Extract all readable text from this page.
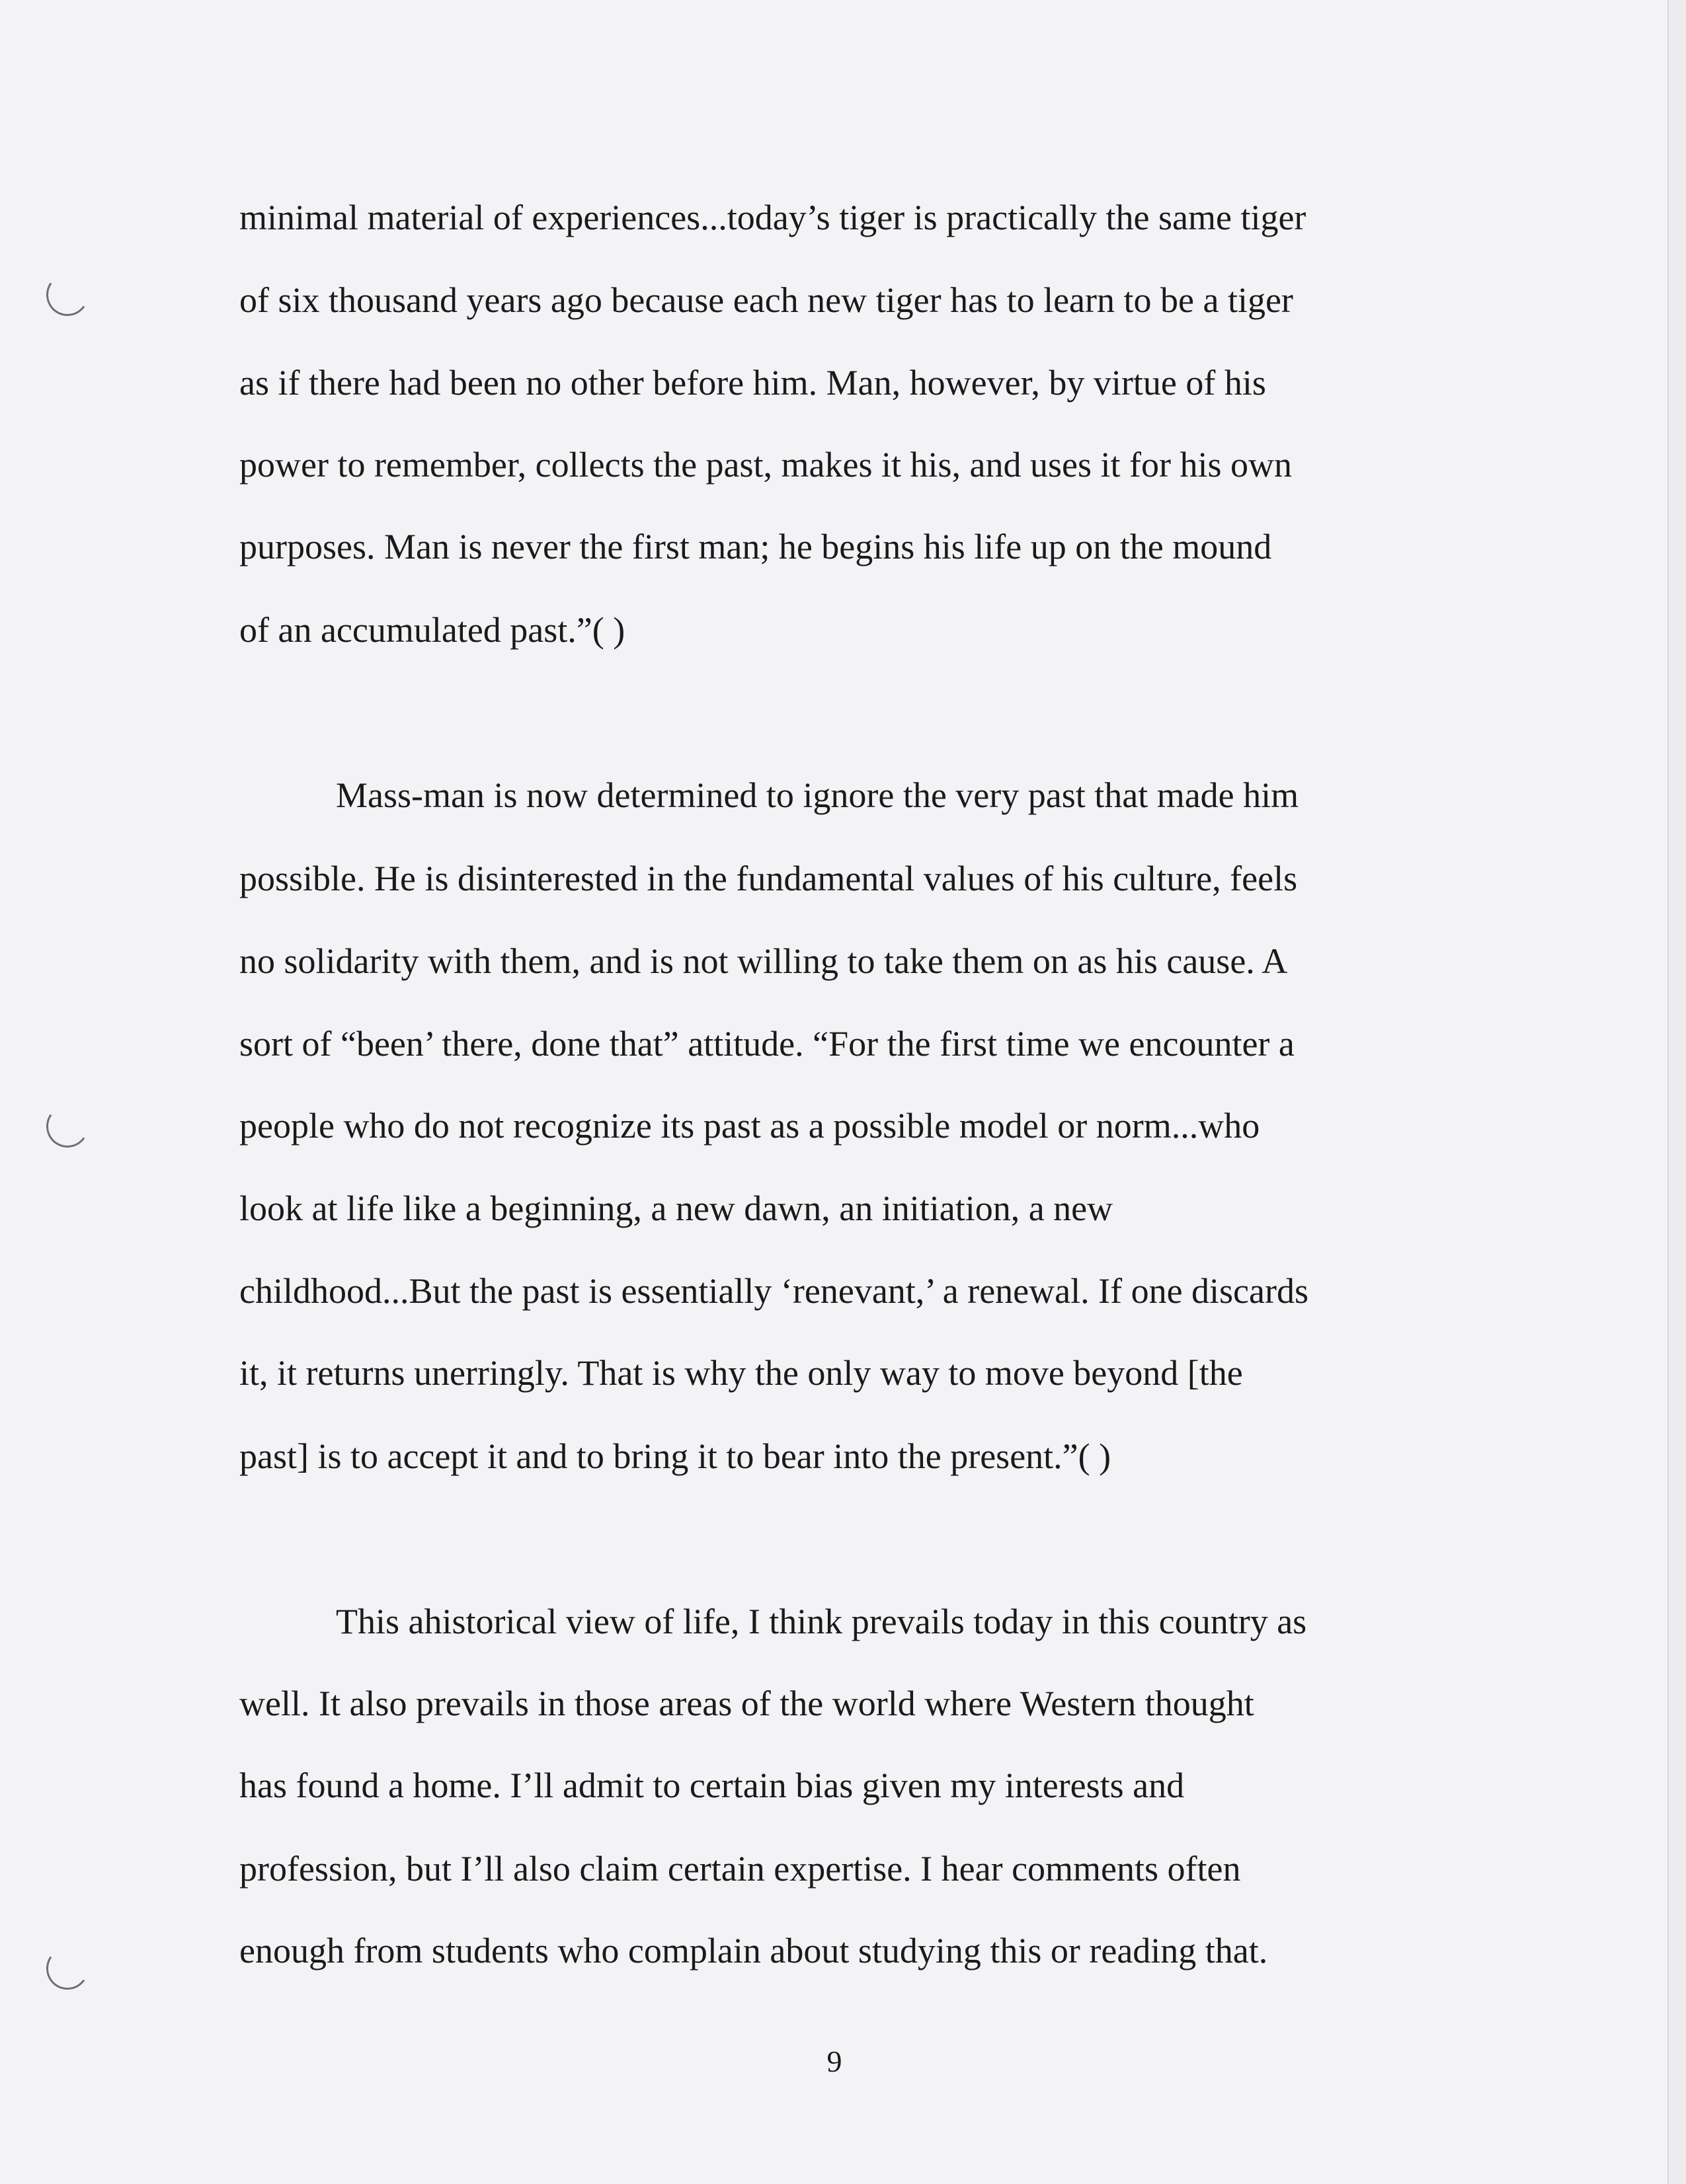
minimal material of experiences...today’s tiger is practically the same tiger
of six thousand years ago because each new tiger has to learn to be a tiger
as if there had been no other before him. Man, however, by virtue of his
power to remember, collects the past, makes it his, and uses it for his own
purposes. Man is never the first man; he begins his life up on the mound
of an accumulated past.”( )
Mass-man is now determined to ignore the very past that made him
possible. He is disinterested in the fundamental values of his culture, feels
no solidarity with them, and is not willing to take them on as his cause. A
sort of “been’ there, done that” attitude. “For the first time we encounter a
people who do not recognize its past as a possible model or norm...who
look at life like a beginning, a new dawn, an initiation, a new
childhood...But the past is essentially ‘renevant,’ a renewal. If one discards
it, it returns unerringly. That is why the only way to move beyond [the
past] is to accept it and to bring it to bear into the present.”( )
This ahistorical view of life, I think prevails today in this country as
well. It also prevails in those areas of the world where Western thought
has found a home. I’ll admit to certain bias given my interests and
profession, but I’ll also claim certain expertise. I hear comments often
enough from students who complain about studying this or reading that.
9
